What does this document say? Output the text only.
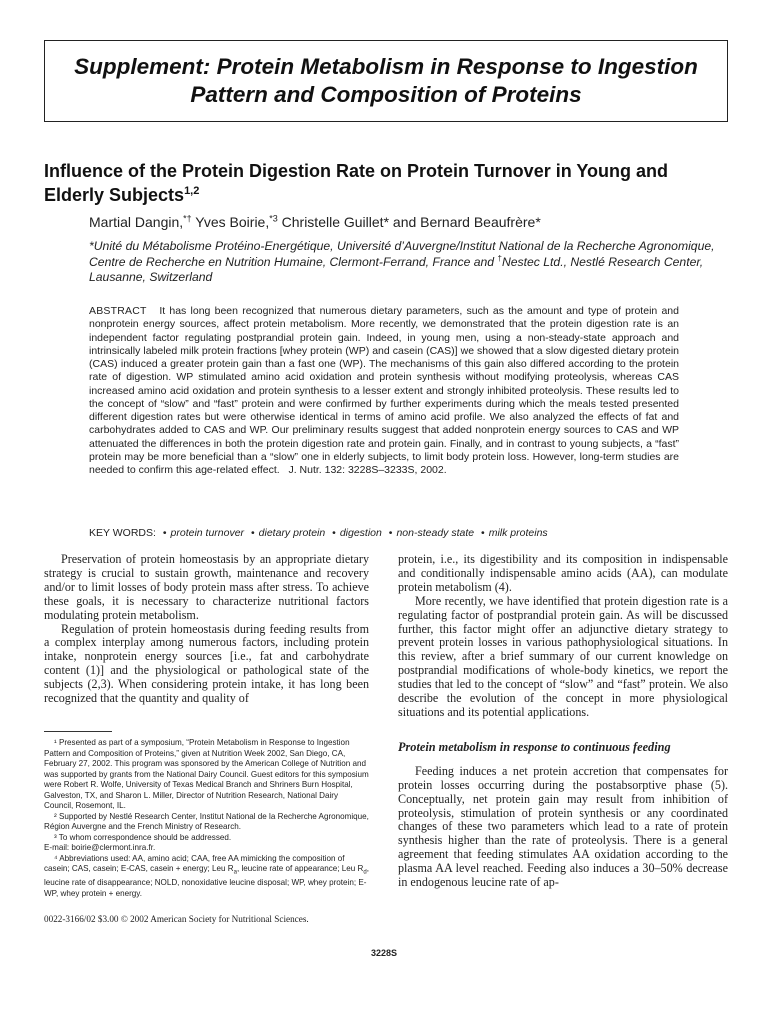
Supplement: Protein Metabolism in Response to Ingestion
Pattern and Composition of Proteins
Influence of the Protein Digestion Rate on Protein Turnover in Young and Elderly Subjects$^{1,2}$
Martial Dangin,*† Yves Boirie,$^{*3}$ Christelle Guillet* and Bernard Beaufrère*
*Unité du Métabolisme Protéino-Energétique, Université d’Auvergne/Institut National de la Recherche Agronomique, Centre de Recherche en Nutrition Humaine, Clermont-Ferrand, France and †Nestec Ltd., Nestlé Research Center, Lausanne, Switzerland
ABSTRACT It has long been recognized that numerous dietary parameters, such as the amount and type of protein and nonprotein energy sources, affect protein metabolism. More recently, we demonstrated that the protein digestion rate is an independent factor regulating postprandial protein gain. Indeed, in young men, using a non-steady-state approach and intrinsically labeled milk protein fractions [whey protein (WP) and casein (CAS)] we showed that a slow digested dietary protein (CAS) induced a greater protein gain than a fast one (WP). The mechanisms of this gain also differed according to the protein rate of digestion. WP stimulated amino acid oxidation and protein synthesis without modifying proteolysis, whereas CAS increased amino acid oxidation and protein synthesis to a lesser extent and strongly inhibited proteolysis. These results led to the concept of “slow” and “fast” protein and were confirmed by further experiments during which the meals tested presented different digestion rates but were otherwise identical in terms of amino acid profile. We also analyzed the effects of fat and carbohydrates added to CAS and WP. Our preliminary results suggest that added nonprotein energy sources to CAS and WP attenuated the differences in both the protein digestion rate and protein gain. Finally, and in contrast to young subjects, a “fast” protein may be more beneficial than a “slow” one in elderly subjects, to limit body protein loss. However, long-term studies are needed to confirm this age-related effect. J. Nutr. 132: 3228S–3233S, 2002.
KEY WORDS: • protein turnover • dietary protein • digestion • non-steady state • milk proteins

Preservation of protein homeostasis by an appropriate dietary strategy is crucial to sustain growth, maintenance and recovery and/or to limit losses of body protein mass after stress. To achieve these goals, it is necessary to characterize nutritional factors modulating protein metabolism.

Regulation of protein homeostasis during feeding results from a complex interplay among numerous factors, including protein intake, nonprotein energy sources [i.e., fat and carbohydrate content (1)] and the physiological or pathological state of the subjects (2,3). When considering protein intake, it has long been recognized that the quantity and quality of

protein, i.e., its digestibility and its composition in indispensable and conditionally indispensable amino acids (AA), can modulate protein metabolism (4).

More recently, we have identified that protein digestion rate is a regulating factor of postprandial protein gain. As will be discussed further, this factor might offer an adjunctive dietary strategy to prevent protein losses in various pathophysiological situations. In this review, after a brief summary of our current knowledge on postprandial modifications of whole-body kinetics, we report the studies that led to the concept of “slow” and “fast” protein. We also describe the evolution of the concept in more physiological situations and its potential applications.

Protein metabolism in response to continuous feeding

Feeding induces a net protein accretion that compensates for protein losses occurring during the postabsorptive phase (5). Conceptually, net protein gain may result from inhibition of proteolysis, stimulation of protein synthesis or any coordinated changes of these two parameters which lead to a rate of protein synthesis higher than the rate of proteolysis. There is a general agreement that feeding stimulates AA oxidation according to the plasma AA level reached. Feeding also induces a 30–50% decrease in endogenous leucine rate of ap-

¹ Presented as part of a symposium, “Protein Metabolism in Response to Ingestion Pattern and Composition of Proteins,” given at Nutrition Week 2002, San Diego, CA, February 27, 2002. This program was sponsored by the American College of Nutrition and was supported by grants from the National Dairy Council. Guest editors for this symposium were Robert R. Wolfe, University of Texas Medical Branch and Shriners Burn Hospital, Galveston, TX, and Sharon L. Miller, Director of Nutrition Research, National Dairy Council, Rosemont, IL.

² Supported by Nestlé Research Center, Institut National de la Recherche Agronomique, Région Auvergne and the French Ministry of Research.

³ To whom correspondence should be addressed.

E-mail: boirie@clermont.inra.fr.

⁴ Abbreviations used: AA, amino acid; CAA, free AA mimicking the composition of casein; CAS, casein; E-CAS, casein + energy; Leu $R_a$, leucine rate of appearance; Leu $R_d$, leucine rate of disappearance; NOLD, nonoxidative leucine disposal; WP, whey protein; E-WP, whey protein + energy.

0022-3166/02 $3.00 © 2002 American Society for Nutritional Sciences.
3228S
